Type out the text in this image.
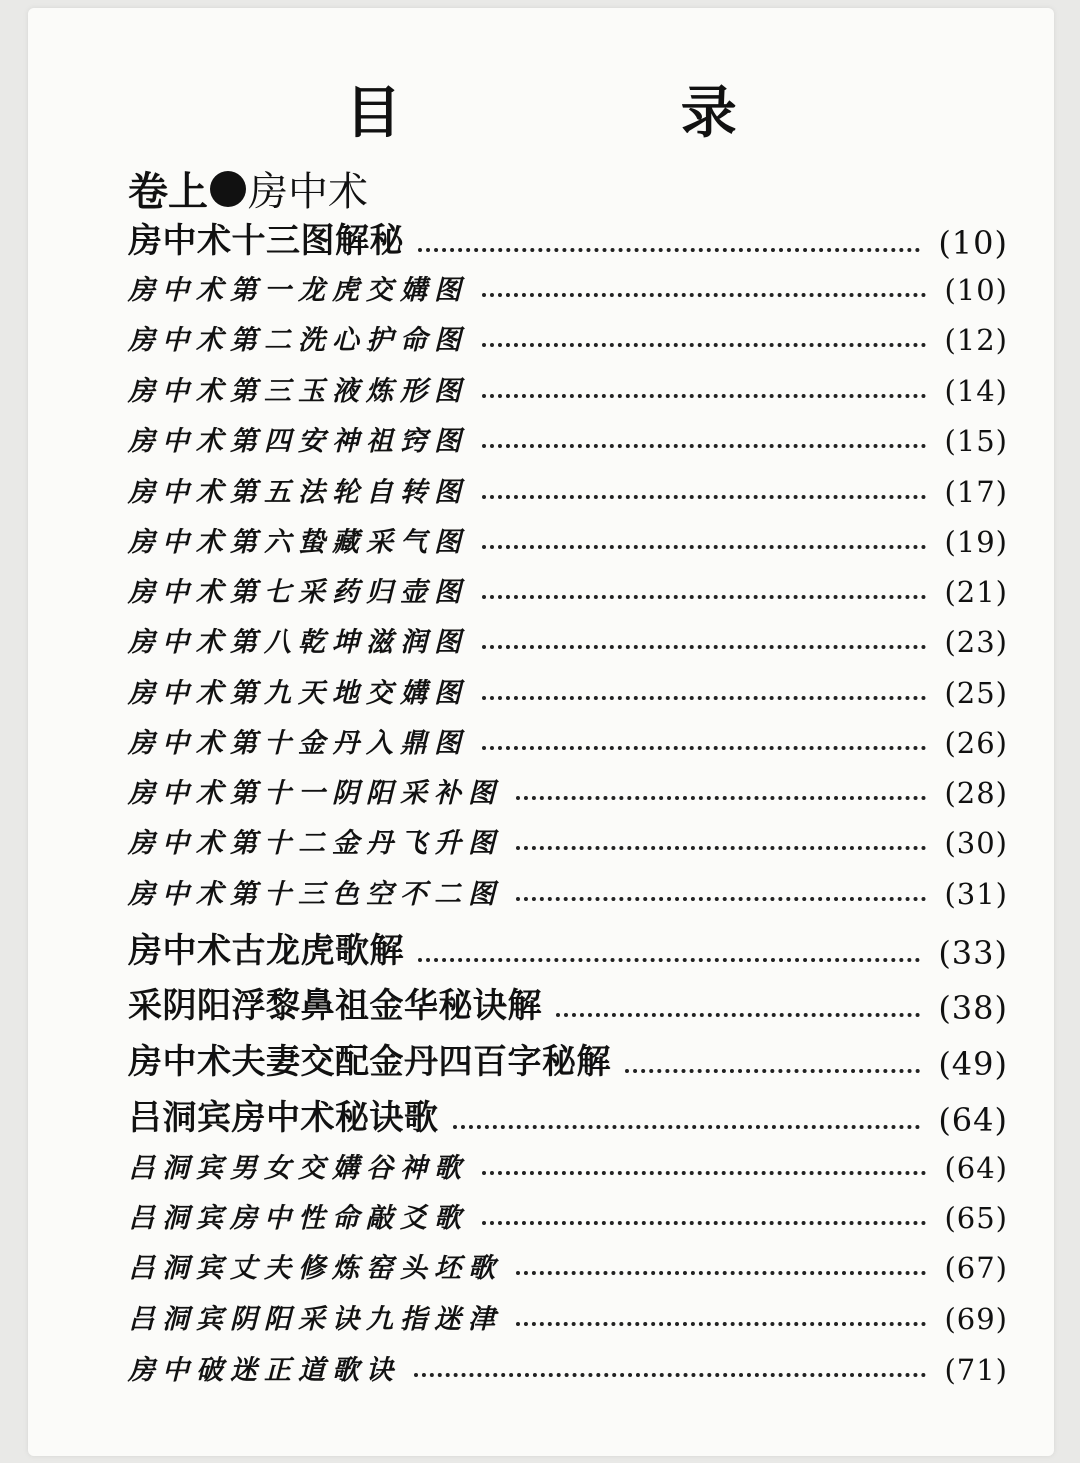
目 录
卷上 房中术
房中术十三图解秘	(10)
房中术第一龙虎交媾图	(10)
房中术第二洗心护命图	(12)
房中术第三玉液炼形图	(14)
房中术第四安神祖窍图	(15)
房中术第五法轮自转图	(17)
房中术第六蛰藏采气图	(19)
房中术第七采药归壶图	(21)
房中术第八乾坤滋润图	(23)
房中术第九天地交媾图	(25)
房中术第十金丹入鼎图	(26)
房中术第十一阴阳采补图	(28)
房中术第十二金丹飞升图	(30)
房中术第十三色空不二图	(31)
房中术古龙虎歌解	(33)
采阴阳浮黎鼻祖金华秘诀解	(38)
房中术夫妻交配金丹四百字秘解	(49)
吕洞宾房中术秘诀歌	(64)
吕洞宾男女交媾谷神歌	(64)
吕洞宾房中性命敲爻歌	(65)
吕洞宾丈夫修炼窑头坯歌	(67)
吕洞宾阴阳采诀九指迷津	(69)
房中破迷正道歌诀	(71)
